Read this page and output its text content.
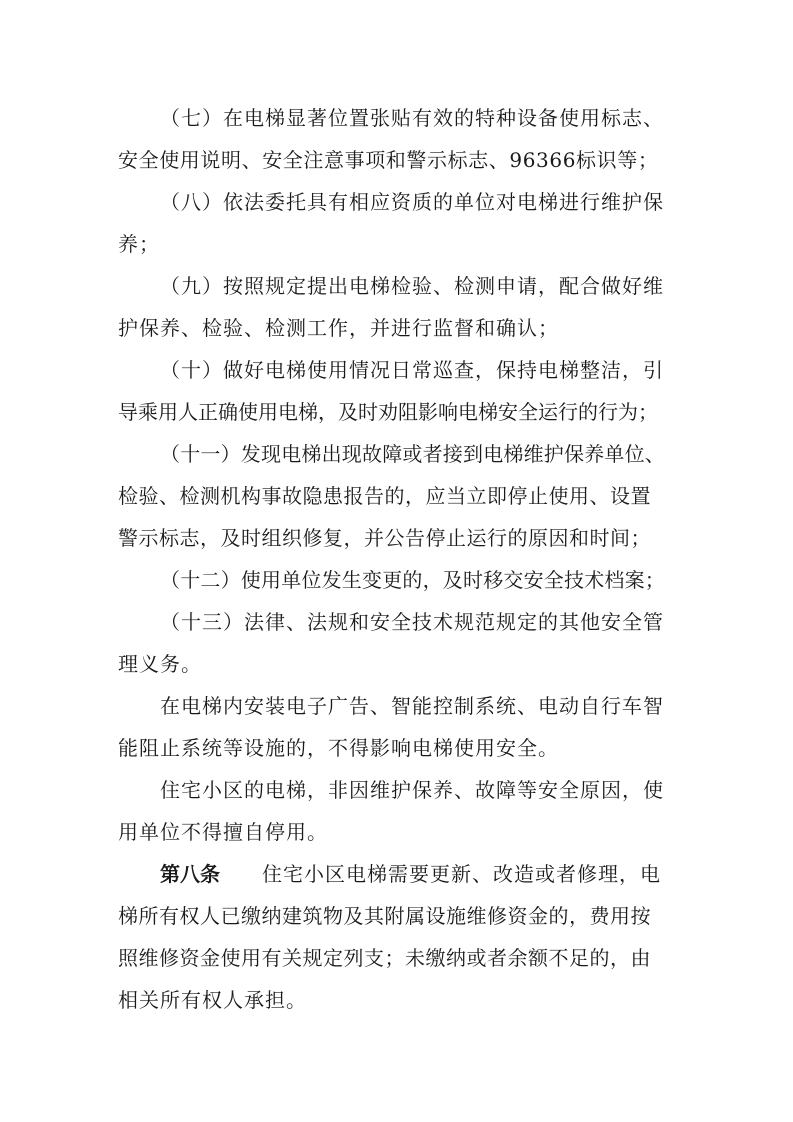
（七）在电梯显著位置张贴有效的特种设备使用标志、

安全使用说明、安全注意事项和警示标志、96366标识等；

（八）依法委托具有相应资质的单位对电梯进行维护保

养；

（九）按照规定提出电梯检验、检测申请，配合做好维

护保养、检验、检测工作，并进行监督和确认；

（十）做好电梯使用情况日常巡查，保持电梯整洁，引

导乘用人正确使用电梯，及时劝阻影响电梯安全运行的行为；

（十一）发现电梯出现故障或者接到电梯维护保养单位、

检验、检测机构事故隐患报告的，应当立即停止使用、设置

警示标志，及时组织修复，并公告停止运行的原因和时间；

（十二）使用单位发生变更的，及时移交安全技术档案；

（十三）法律、法规和安全技术规范规定的其他安全管

理义务。

在电梯内安装电子广告、智能控制系统、电动自行车智

能阻止系统等设施的，不得影响电梯使用安全。

住宅小区的电梯，非因维护保养、故障等安全原因，使

用单位不得擅自停用。

第八条 住宅小区电梯需要更新、改造或者修理，电

梯所有权人已缴纳建筑物及其附属设施维修资金的，费用按

照维修资金使用有关规定列支；未缴纳或者余额不足的，由

相关所有权人承担。
